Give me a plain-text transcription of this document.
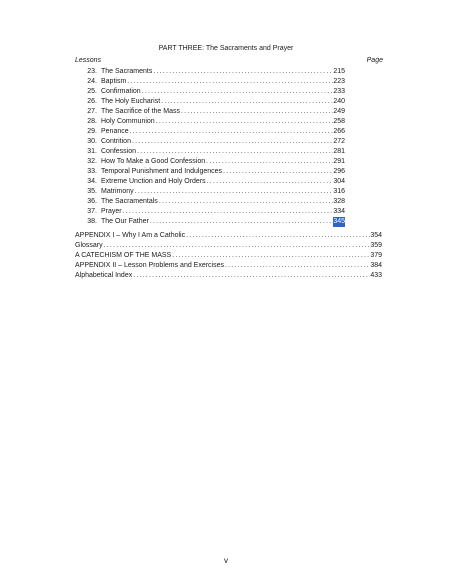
PART THREE: The Sacraments and Prayer
Lessons	Page
23. The Sacraments .....	215
24. Baptism .....	223
25. Confirmation .....	233
26. The Holy Eucharist .....	240
27. The Sacrifice of the Mass .....	249
28. Holy Communion .....	258
29. Penance .....	266
30. Contrition .....	272
31. Confession .....	281
32. How To Make a Good Confession .....	291
33. Temporal Punishment and Indulgences .....	296
34. Extreme Unction and Holy Orders .....	304
35. Matrimony .....	316
36. The Sacramentals .....	328
37. Prayer .....	334
38. The Our Father .....	345
APPENDIX I – Why I Am a Catholic .....	354
Glossary .....	359
A CATECHISM OF THE MASS .....	379
APPENDIX II – Lesson Problems and Exercises .....	384
Alphabetical Index .....	433
v
